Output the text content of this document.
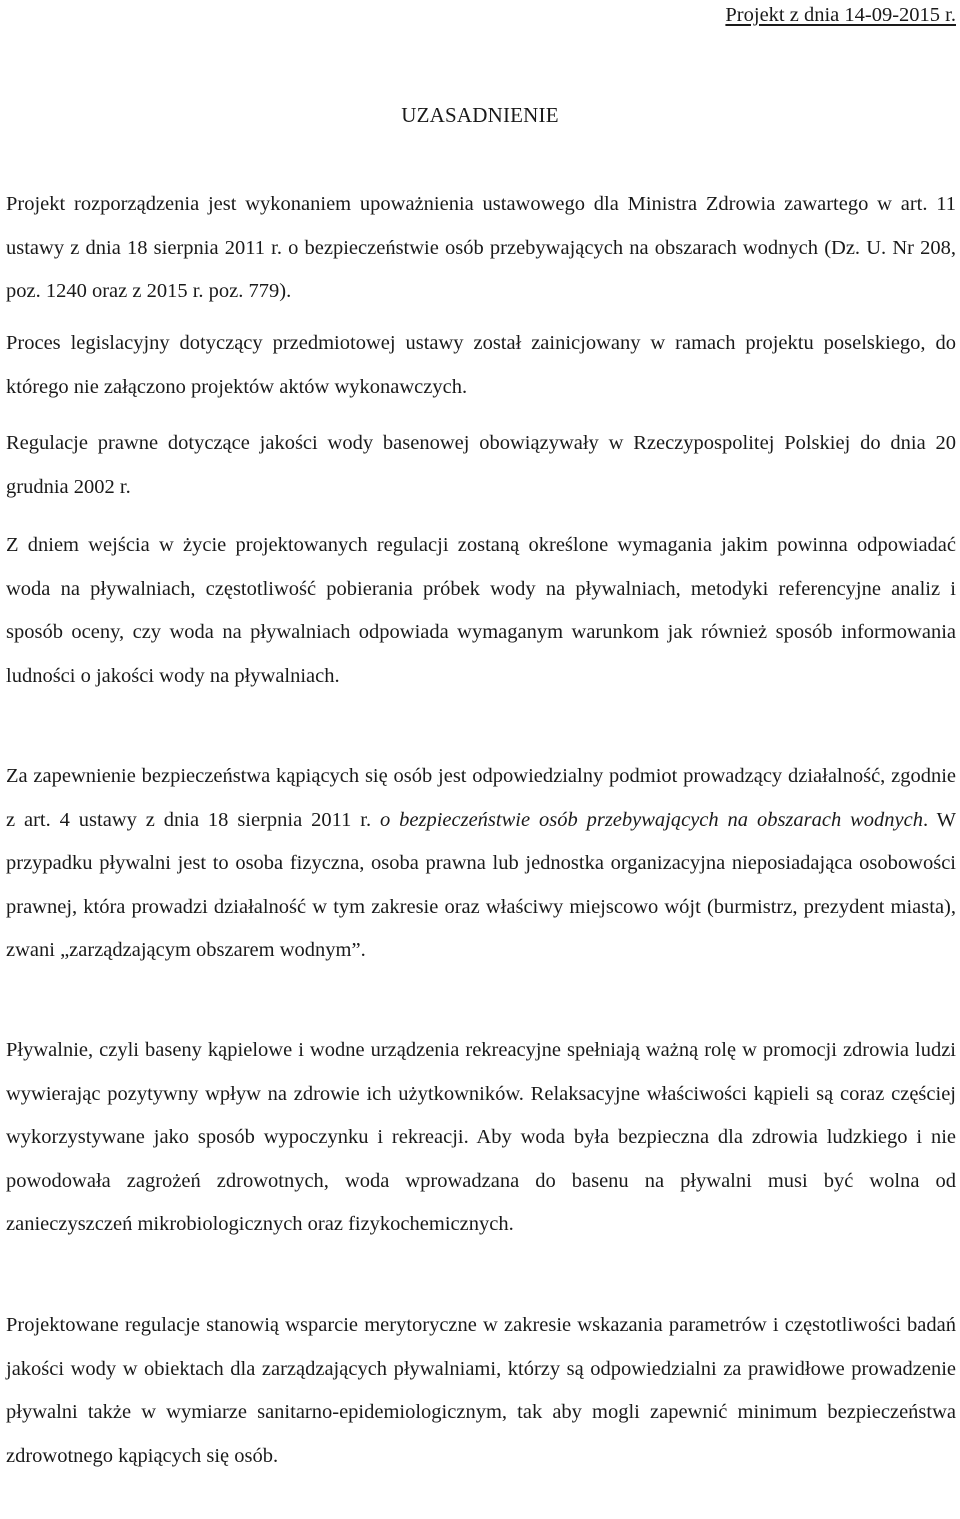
Projekt z dnia 14-09-2015 r.
UZASADNIENIE

Projekt rozporządzenia jest wykonaniem upoważnienia ustawowego dla Ministra Zdrowia zawartego w art. 11 ustawy z dnia 18 sierpnia 2011 r. o bezpieczeństwie osób przebywających na obszarach wodnych (Dz. U. Nr 208, poz. 1240 oraz z 2015 r. poz. 779).

Proces legislacyjny dotyczący przedmiotowej ustawy został zainicjowany w ramach projektu poselskiego, do którego nie załączono projektów aktów wykonawczych.

Regulacje prawne dotyczące jakości wody basenowej obowiązywały w Rzeczypospolitej Polskiej do dnia 20 grudnia 2002 r.

Z dniem wejścia w życie projektowanych regulacji zostaną określone wymagania jakim powinna odpowiadać woda na pływalniach, częstotliwość pobierania próbek wody na pływalniach, metodyki referencyjne analiz i sposób oceny, czy woda na pływalniach odpowiada wymaganym warunkom jak również sposób informowania ludności o jakości wody na pływalniach.

Za zapewnienie bezpieczeństwa kąpiących się osób jest odpowiedzialny podmiot prowadzący działalność, zgodnie z art. 4 ustawy z dnia 18 sierpnia 2011 r. o bezpieczeństwie osób przebywających na obszarach wodnych. W przypadku pływalni jest to osoba fizyczna, osoba prawna lub jednostka organizacyjna nieposiadająca osobowości prawnej, która prowadzi działalność w tym zakresie oraz właściwy miejscowo wójt (burmistrz, prezydent miasta), zwani „zarządzającym obszarem wodnym”.

Pływalnie, czyli baseny kąpielowe i wodne urządzenia rekreacyjne spełniają ważną rolę w promocji zdrowia ludzi wywierając pozytywny wpływ na zdrowie ich użytkowników. Relaksacyjne właściwości kąpieli są coraz częściej wykorzystywane jako sposób wypoczynku i rekreacji. Aby woda była bezpieczna dla zdrowia ludzkiego i nie powodowała zagrożeń zdrowotnych, woda wprowadzana do basenu na pływalni musi być wolna od zanieczyszczeń mikrobiologicznych oraz fizykochemicznych.

Projektowane regulacje stanowią wsparcie merytoryczne w zakresie wskazania parametrów i częstotliwości badań jakości wody w obiektach dla zarządzających pływalniami, którzy są odpowiedzialni za prawidłowe prowadzenie pływalni także w wymiarze sanitarno-epidemiologicznym, tak aby mogli zapewnić minimum bezpieczeństwa zdrowotnego kąpiących się osób.
